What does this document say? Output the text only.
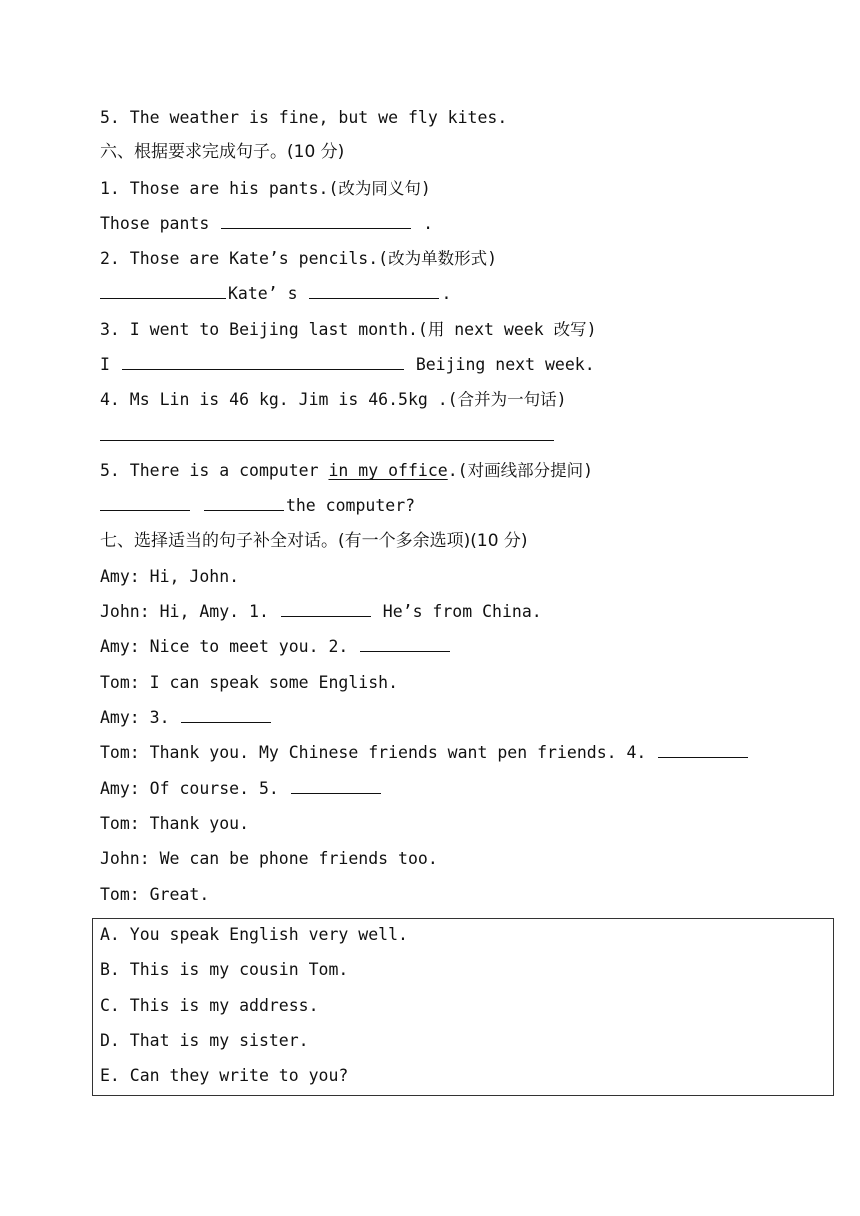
5. The weather is fine, but we fly kites.
六、根据要求完成句子。(10 分)
1. Those are his pants.(改为同义句)
Those pants	.
2. Those are Kate’s pencils.(改为单数形式)
Kate’ s	.
3. I went to Beijing last month.(用 next week 改写)
I	Beijing next week.
4. Ms Lin is 46 kg. Jim is 46.5kg .(合并为一句话)
5. There is a computer in my office.(对画线部分提问)
the computer?
七、选择适当的句子补全对话。(有一个多余选项)(10 分)
Amy: Hi, John.
John: Hi, Amy. 1.	He’s from China.
Amy: Nice to meet you. 2.
Tom: I can speak some English.
Amy: 3.
Tom: Thank you. My Chinese friends want pen friends. 4.
Amy: Of course. 5.
Tom: Thank you.
John: We can be phone friends too.
Tom: Great.
A. You speak English very well.
B. This is my cousin Tom.
C. This is my address.
D. That is my sister.
E. Can they write to you?
